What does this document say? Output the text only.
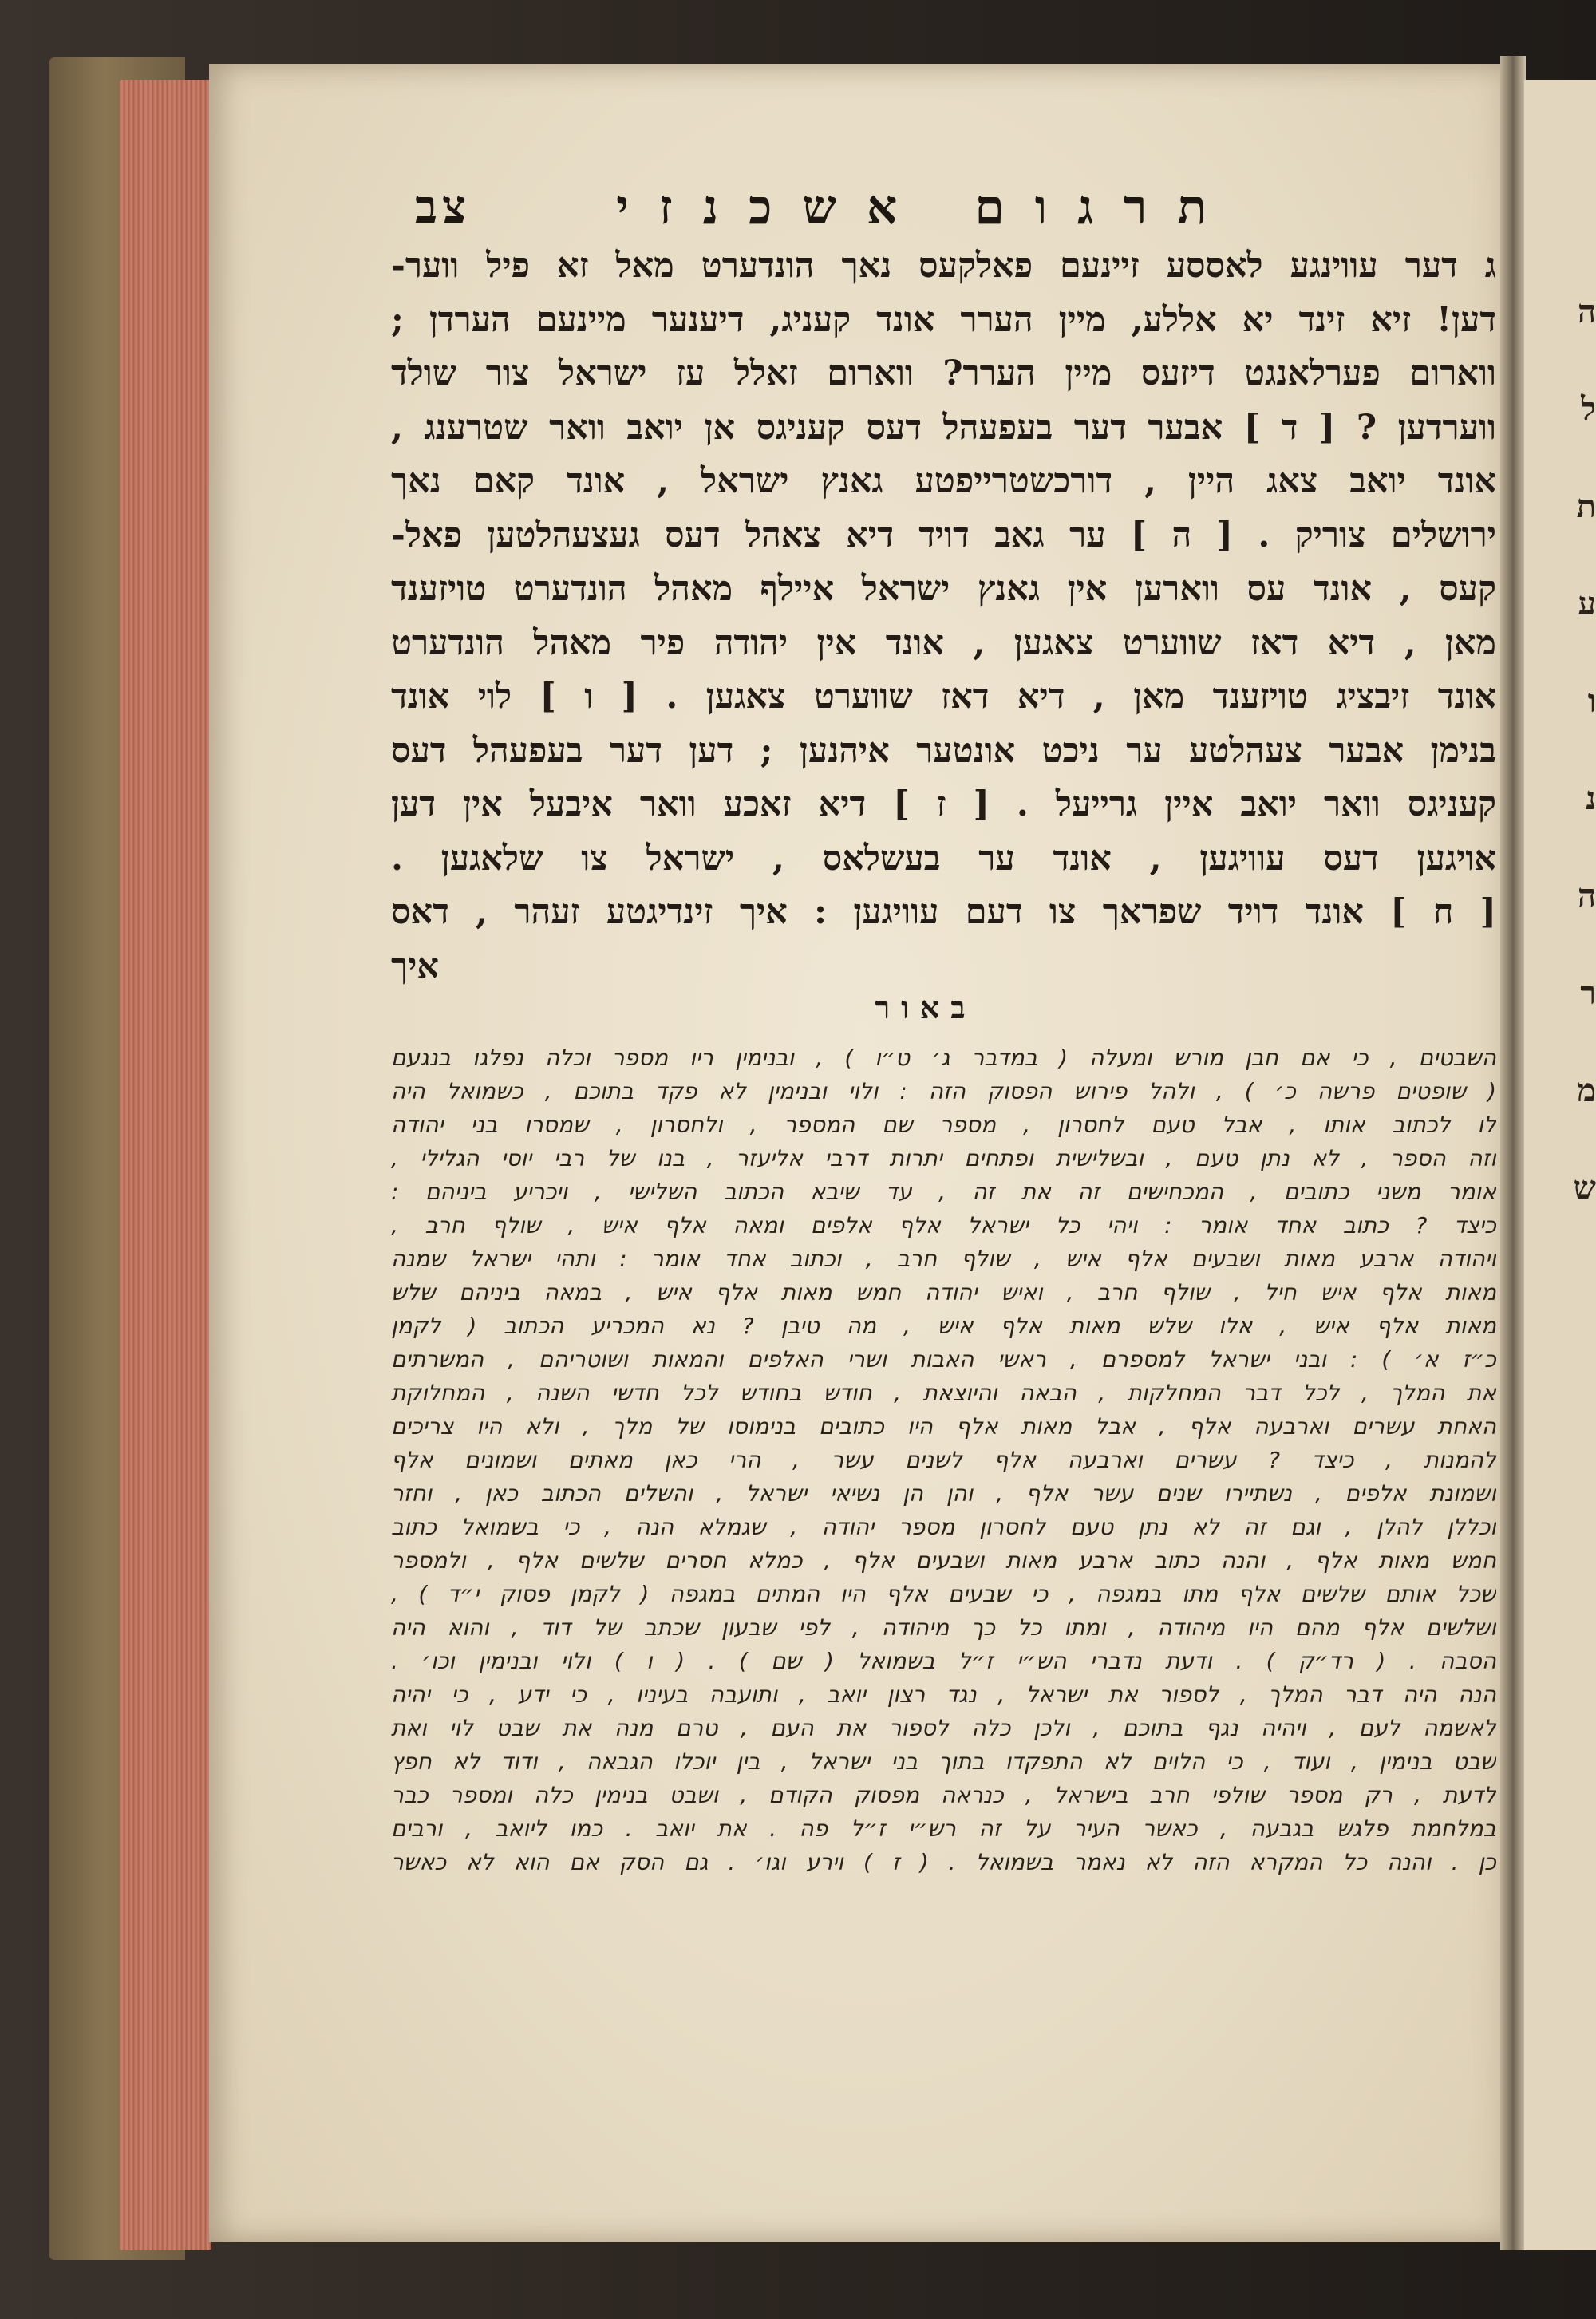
תרגום אשכנזי
צב
ג דער עווינגע לאססע זיינעם פאלקעס נאך הונדערט מאל זא פיל ווער-
דען! זיא זינד יא אללע, מיין הערר אונד קעניג, דיענער מיינעם הערדן ;
ווארום פערלאנגט דיזעס מיין הערר? ווארום זאלל עז ישראל צור שולד
ווערדען ? [ ד ] אבער דער בעפעהל דעס קעניגס אן יואב וואר שטרענג ,
אונד יואב צאג היין , דורכשטרייפטע גאנץ ישראל , אונד קאם נאך
ירושלים צוריק . [ ה ] ער גאב דויד דיא צאהל דעס געצעהלטען פאל-
קעס , אונד עס ווארען אין גאנץ ישראל איילף מאהל הונדערט טויזענד
מאן , דיא דאז שווערט צאגען , אונד אין יהודה פיר מאהל הונדערט
אונד זיבציג טויזענד מאן , דיא דאז שווערט צאגען . [ ו ] לוי אונד
בנימן אבער צעהלטע ער ניכט אונטער איהנען ; דען דער בעפעהל דעס
קעניגס וואר יואב איין גרייעל . [ ז ] דיא זאכע וואר איבעל אין דען
אויגען דעס עוויגען , אונד ער בעשלאס , ישראל צו שלאגען .
[ ח ] אונד דויד שפראך צו דעם עוויגען : איך זינדיגטע זעהר , דאס
איך
באור
השבטים , כי אם חבן מורש ומעלה ( במדבר ג׳ ט״ו ) , ובנימין ריו מספר וכלה נפלגו בנגעם
( שופטים פרשה כ׳ ) , ולהל פירוש הפסוק הזה : ולוי ובנימין לא פקד בתוכם , כשמואל היה
לו לכתוב אותו , אבל טעם לחסרון , מספר שם המספר , ולחסרון , שמסרו בני יהודה
וזה הספר , לא נתן טעם , ובשלישית ופתחים יתרות דרבי אליעזר , בנו של רבי יוסי הגלילי ,
אומר משני כתובים , המכחישים זה את זה , עד שיבא הכתוב השלישי , ויכריע ביניהם :
כיצד ? כתוב אחד אומר : ויהי כל ישראל אלף אלפים ומאה אלף איש , שולף חרב ,
ויהודה ארבע מאות ושבעים אלף איש , שולף חרב , וכתוב אחד אומר : ותהי ישראל שמנה
מאות אלף איש חיל , שולף חרב , ואיש יהודה חמש מאות אלף איש , במאה ביניהם שלש
מאות אלף איש , אלו שלש מאות אלף איש , מה טיבן ? נא המכריע הכתוב ( לקמן
כ״ז א׳ ) : ובני ישראל למספרם , ראשי האבות ושרי האלפים והמאות ושוטריהם , המשרתים
את המלך , לכל דבר המחלקות , הבאה והיוצאת , חודש בחודש לכל חדשי השנה , המחלוקת
האחת עשרים וארבעה אלף , אבל מאות אלף היו כתובים בנימוסו של מלך , ולא היו צריכים
להמנות , כיצד ? עשרים וארבעה אלף לשנים עשר , הרי כאן מאתים ושמונים אלף
ושמונת אלפים , נשתיירו שנים עשר אלף , והן הן נשיאי ישראל , והשלים הכתוב כאן , וחזר
וכללן להלן , וגם זה לא נתן טעם לחסרון מספר יהודה , שגמלא הנה , כי בשמואל כתוב
חמש מאות אלף , והנה כתוב ארבע מאות ושבעים אלף , כמלא חסרים שלשים אלף , ולמספר
שכל אותם שלשים אלף מתו במגפה , כי שבעים אלף היו המתים במגפה ( לקמן פסוק י״ד ) ,
ושלשים אלף מהם היו מיהודה , ומתו כל כך מיהודה , לפי שבעון שכתב של דוד , והוא היה
הסבה . ( רד״ק ) . ודעת נדברי הש״י ז״ל בשמואל ( שם ) . ( ו ) ולוי ובנימין וכו׳ .
הנה היה דבר המלך , לספור את ישראל , נגד רצון יואב , ותועבה בעיניו , כי ידע , כי יהיה
לאשמה לעם , ויהיה נגף בתוכם , ולכן כלה לספור את העם , טרם מנה את שבט לוי ואת
שבט בנימין , ועוד , כי הלוים לא התפקדו בתוך בני ישראל , בין יוכלו הגבאה , ודוד לא חפץ
לדעת , רק מספר שולפי חרב בישראל , כנראה מפסוק הקודם , ושבט בנימין כלה ומספר כבר
במלחמת פלגש בגבעה , כאשר העיר על זה רש״י ז״ל פה . את יואב . כמו ליואב , ורבים
כן . והנה כל המקרא הזה לא נאמר בשמואל . ( ז ) וירע וגו׳ . גם הסק אם הוא לא כאשר
ה
ל
ת
ע
ו
נ
ה
ר
מ
ש
